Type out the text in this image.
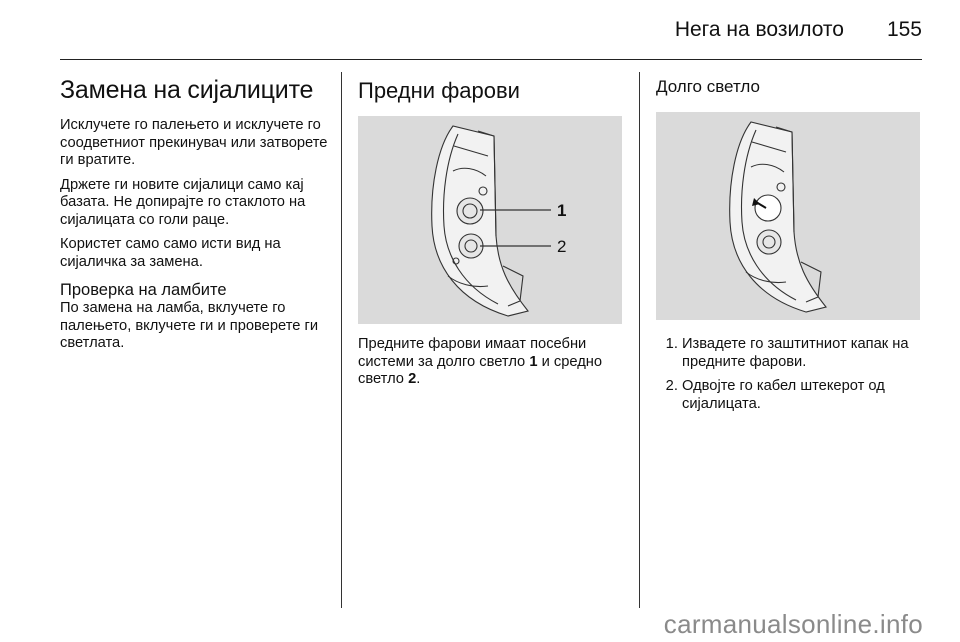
Нега на возилото 155
Замена на сијалиците

Исклучете го палењето и исклучете го соодветниот прекинувач или затворете ги вратите.

Држете ги новите сијалици само кај базата. Не допирајте го стаклото на сијалицата со голи раце.

Користет само само исти вид на сијаличка за замена.

Проверка на ламбите

По замена на ламба, вклучете го палењето, вклучете ги и проверете ги светлата.

Предни фарови
1
2

Предните фарови имаат посебни системи за долго светло 1 и средно светло 2.

Долго светло
1. Извадете го заштитниот капак на предните фарови.
2. Одвојте го кабел штекерот од сијалицата.
carmanualsonline.info
